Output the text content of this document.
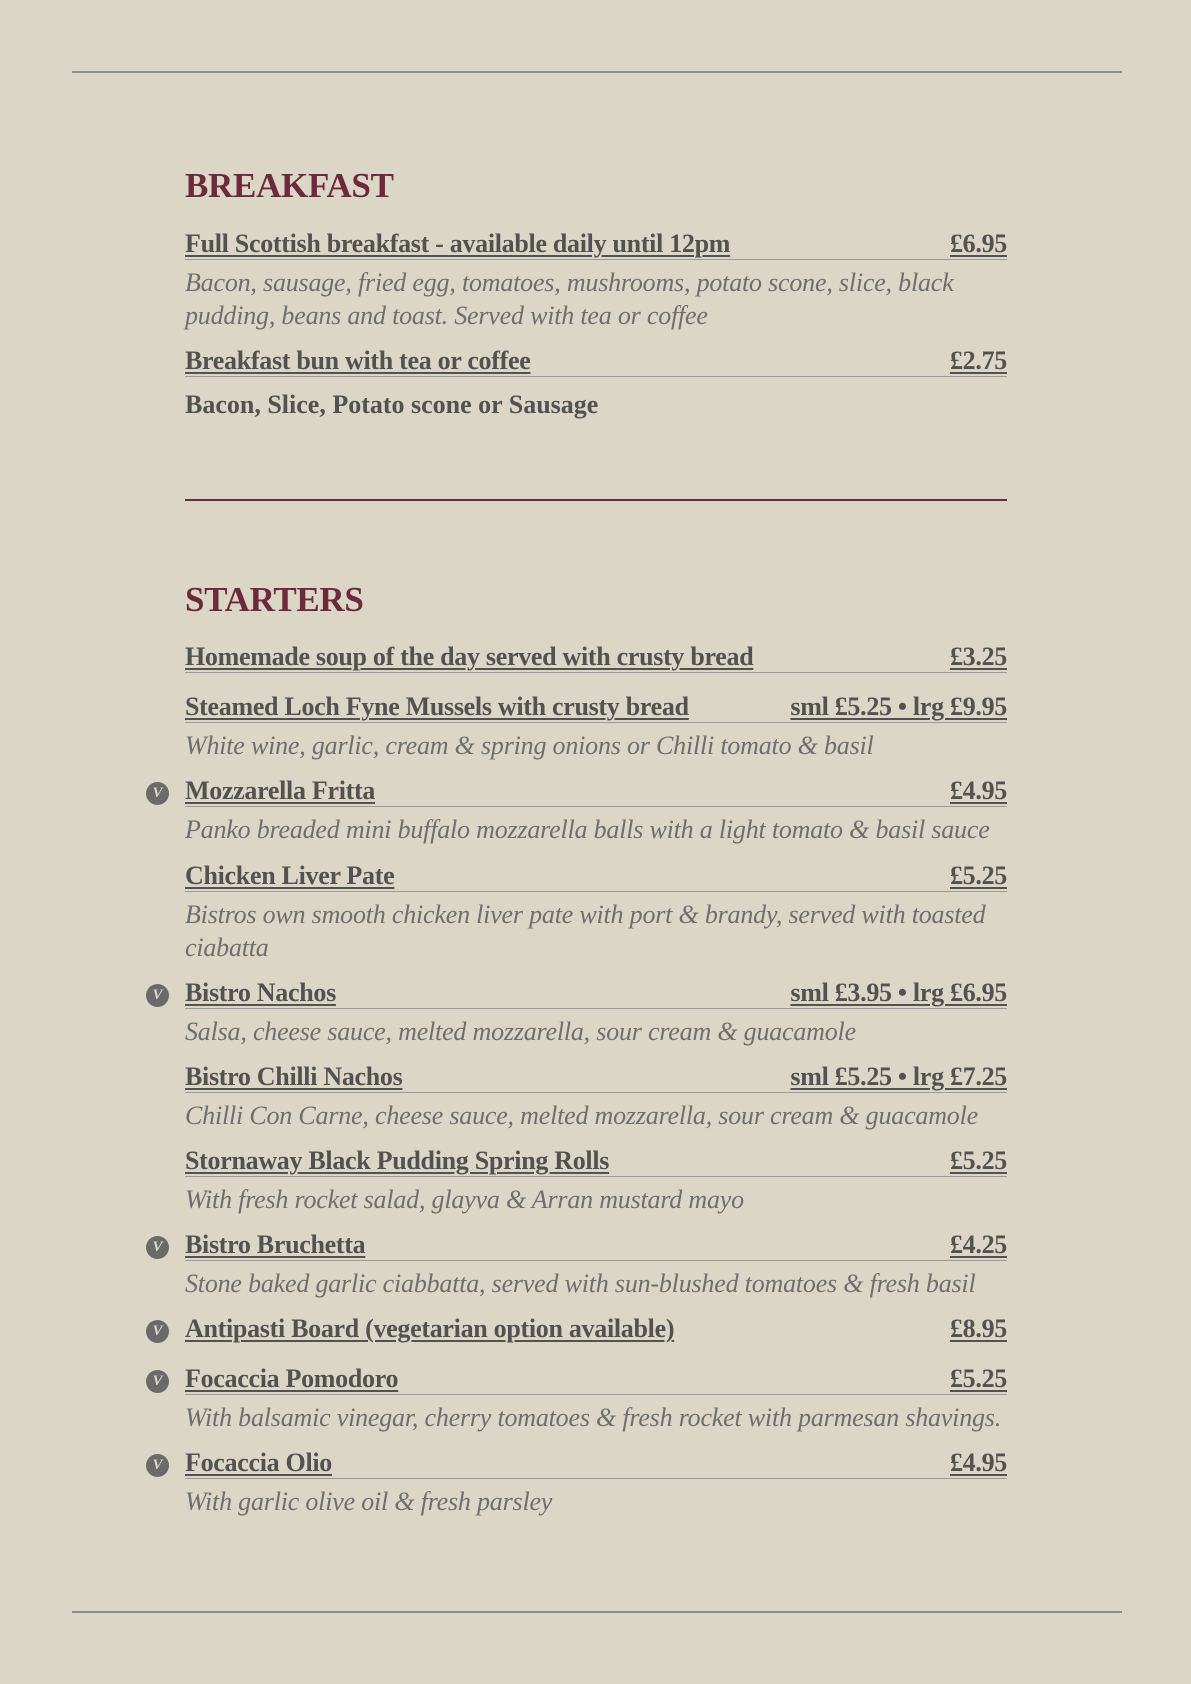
BREAKFAST
Full Scottish breakfast - available daily until 12pm	£6.95
Bacon, sausage, fried egg, tomatoes, mushrooms, potato scone, slice, black
pudding, beans and toast. Served with tea or coffee
Breakfast bun with tea or coffee	£2.75
Bacon, Slice, Potato scone or Sausage
STARTERS
Homemade soup of the day served with crusty bread	£3.25
Steamed Loch Fyne Mussels with crusty bread	sml £5.25 • lrg £9.95
White wine, garlic, cream & spring onions or Chilli tomato & basil
V Mozzarella Fritta	£4.95
Panko breaded mini buffalo mozzarella balls with a light tomato & basil sauce
Chicken Liver Pate	£5.25
Bistros own smooth chicken liver pate with port & brandy, served with toasted
ciabatta
V Bistro Nachos	sml £3.95 • lrg £6.95
Salsa, cheese sauce, melted mozzarella, sour cream & guacamole
Bistro Chilli Nachos	sml £5.25 • lrg £7.25
Chilli Con Carne, cheese sauce, melted mozzarella, sour cream & guacamole
Stornaway Black Pudding Spring Rolls	£5.25
With fresh rocket salad, glayva & Arran mustard mayo
V Bistro Bruchetta	£4.25
Stone baked garlic ciabbatta, served with sun-blushed tomatoes & fresh basil
V Antipasti Board (vegetarian option available)	£8.95
V Focaccia Pomodoro	£5.25
With balsamic vinegar, cherry tomatoes & fresh rocket with parmesan shavings.
V Focaccia Olio	£4.95
With garlic olive oil & fresh parsley
